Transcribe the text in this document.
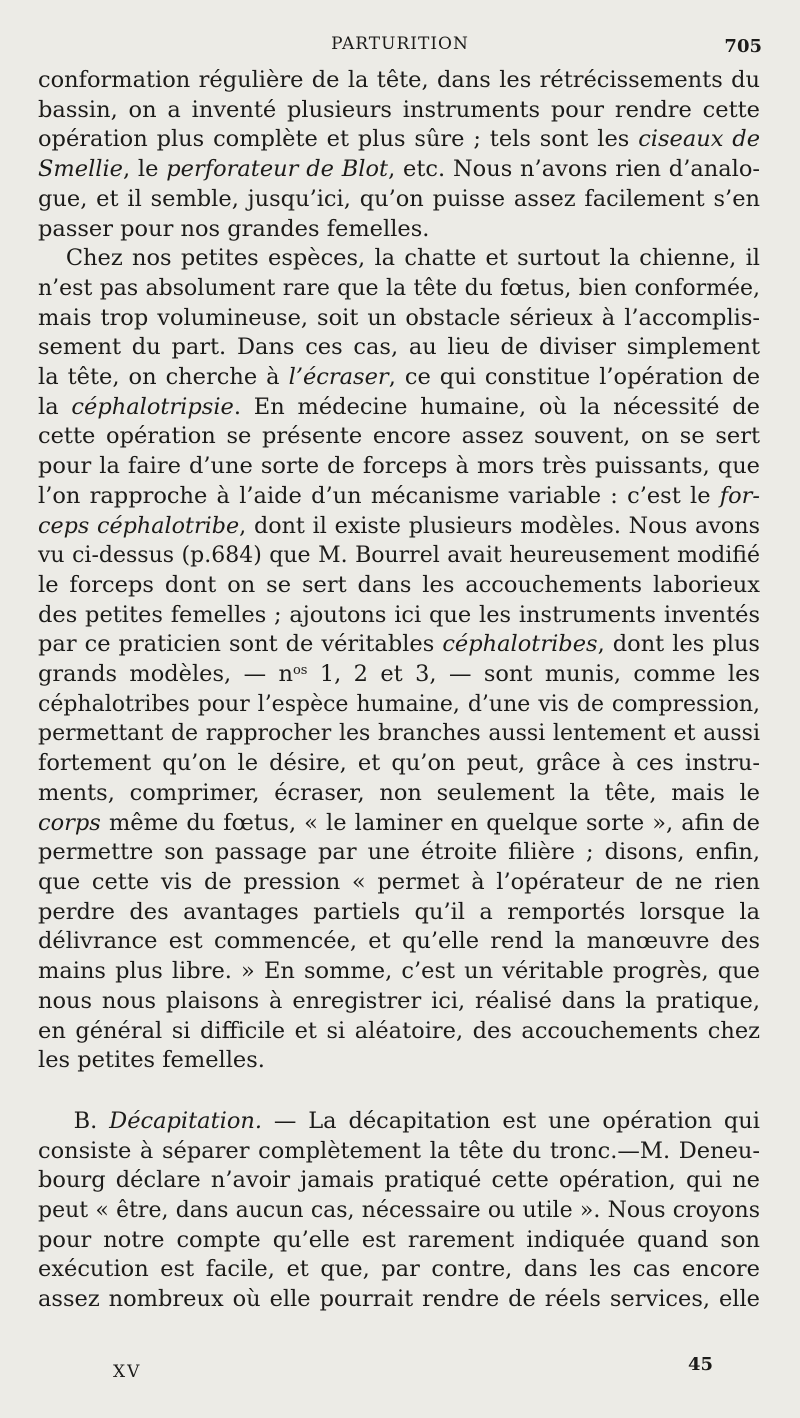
PARTURITION	705
conformation régulière de la tête, dans les rétrécissements du
bassin, on a inventé plusieurs instruments pour rendre cette
opération plus complète et plus sûre ; tels sont les ciseaux de
Smellie, le perforateur de Blot, etc. Nous n’avons rien d’analo-
gue, et il semble, jusqu’ici, qu’on puisse assez facilement s’en
passer pour nos grandes femelles.
Chez nos petites espèces, la chatte et surtout la chienne, il
n’est pas absolument rare que la tête du fœtus, bien conformée,
mais trop volumineuse, soit un obstacle sérieux à l’accomplis-
sement du part. Dans ces cas, au lieu de diviser simplement
la tête, on cherche à l’écraser, ce qui constitue l’opération de
la céphalotripsie. En médecine humaine, où la nécessité de
cette opération se présente encore assez souvent, on se sert
pour la faire d’une sorte de forceps à mors très puissants, que
l’on rapproche à l’aide d’un mécanisme variable : c’est le for-
ceps céphalotribe, dont il existe plusieurs modèles. Nous avons
vu ci-dessus (p.684) que M. Bourrel avait heureusement modifié
le forceps dont on se sert dans les accouchements laborieux
des petites femelles ; ajoutons ici que les instruments inventés
par ce praticien sont de véritables céphalotribes, dont les plus
grands modèles, — $n^{os}$ 1, 2 et 3, — sont munis, comme les
céphalotribes pour l’espèce humaine, d’une vis de compression,
permettant de rapprocher les branches aussi lentement et aussi
fortement qu’on le désire, et qu’on peut, grâce à ces instru-
ments, comprimer, écraser, non seulement la tête, mais le
corps même du fœtus, « le laminer en quelque sorte », afin de
permettre son passage par une étroite filière ; disons, enfin,
que cette vis de pression « permet à l’opérateur de ne rien
perdre des avantages partiels qu’il a remportés lorsque la
délivrance est commencée, et qu’elle rend la manœuvre des
mains plus libre. » En somme, c’est un véritable progrès, que
nous nous plaisons à enregistrer ici, réalisé dans la pratique,
en général si difficile et si aléatoire, des accouchements chez
les petites femelles.
B. Décapitation. — La décapitation est une opération qui
consiste à séparer complètement la tête du tronc.—M. Deneu-
bourg déclare n’avoir jamais pratiqué cette opération, qui ne
peut « être, dans aucun cas, nécessaire ou utile ». Nous croyons
pour notre compte qu’elle est rarement indiquée quand son
exécution est facile, et que, par contre, dans les cas encore
assez nombreux où elle pourrait rendre de réels services, elle
XV	45
